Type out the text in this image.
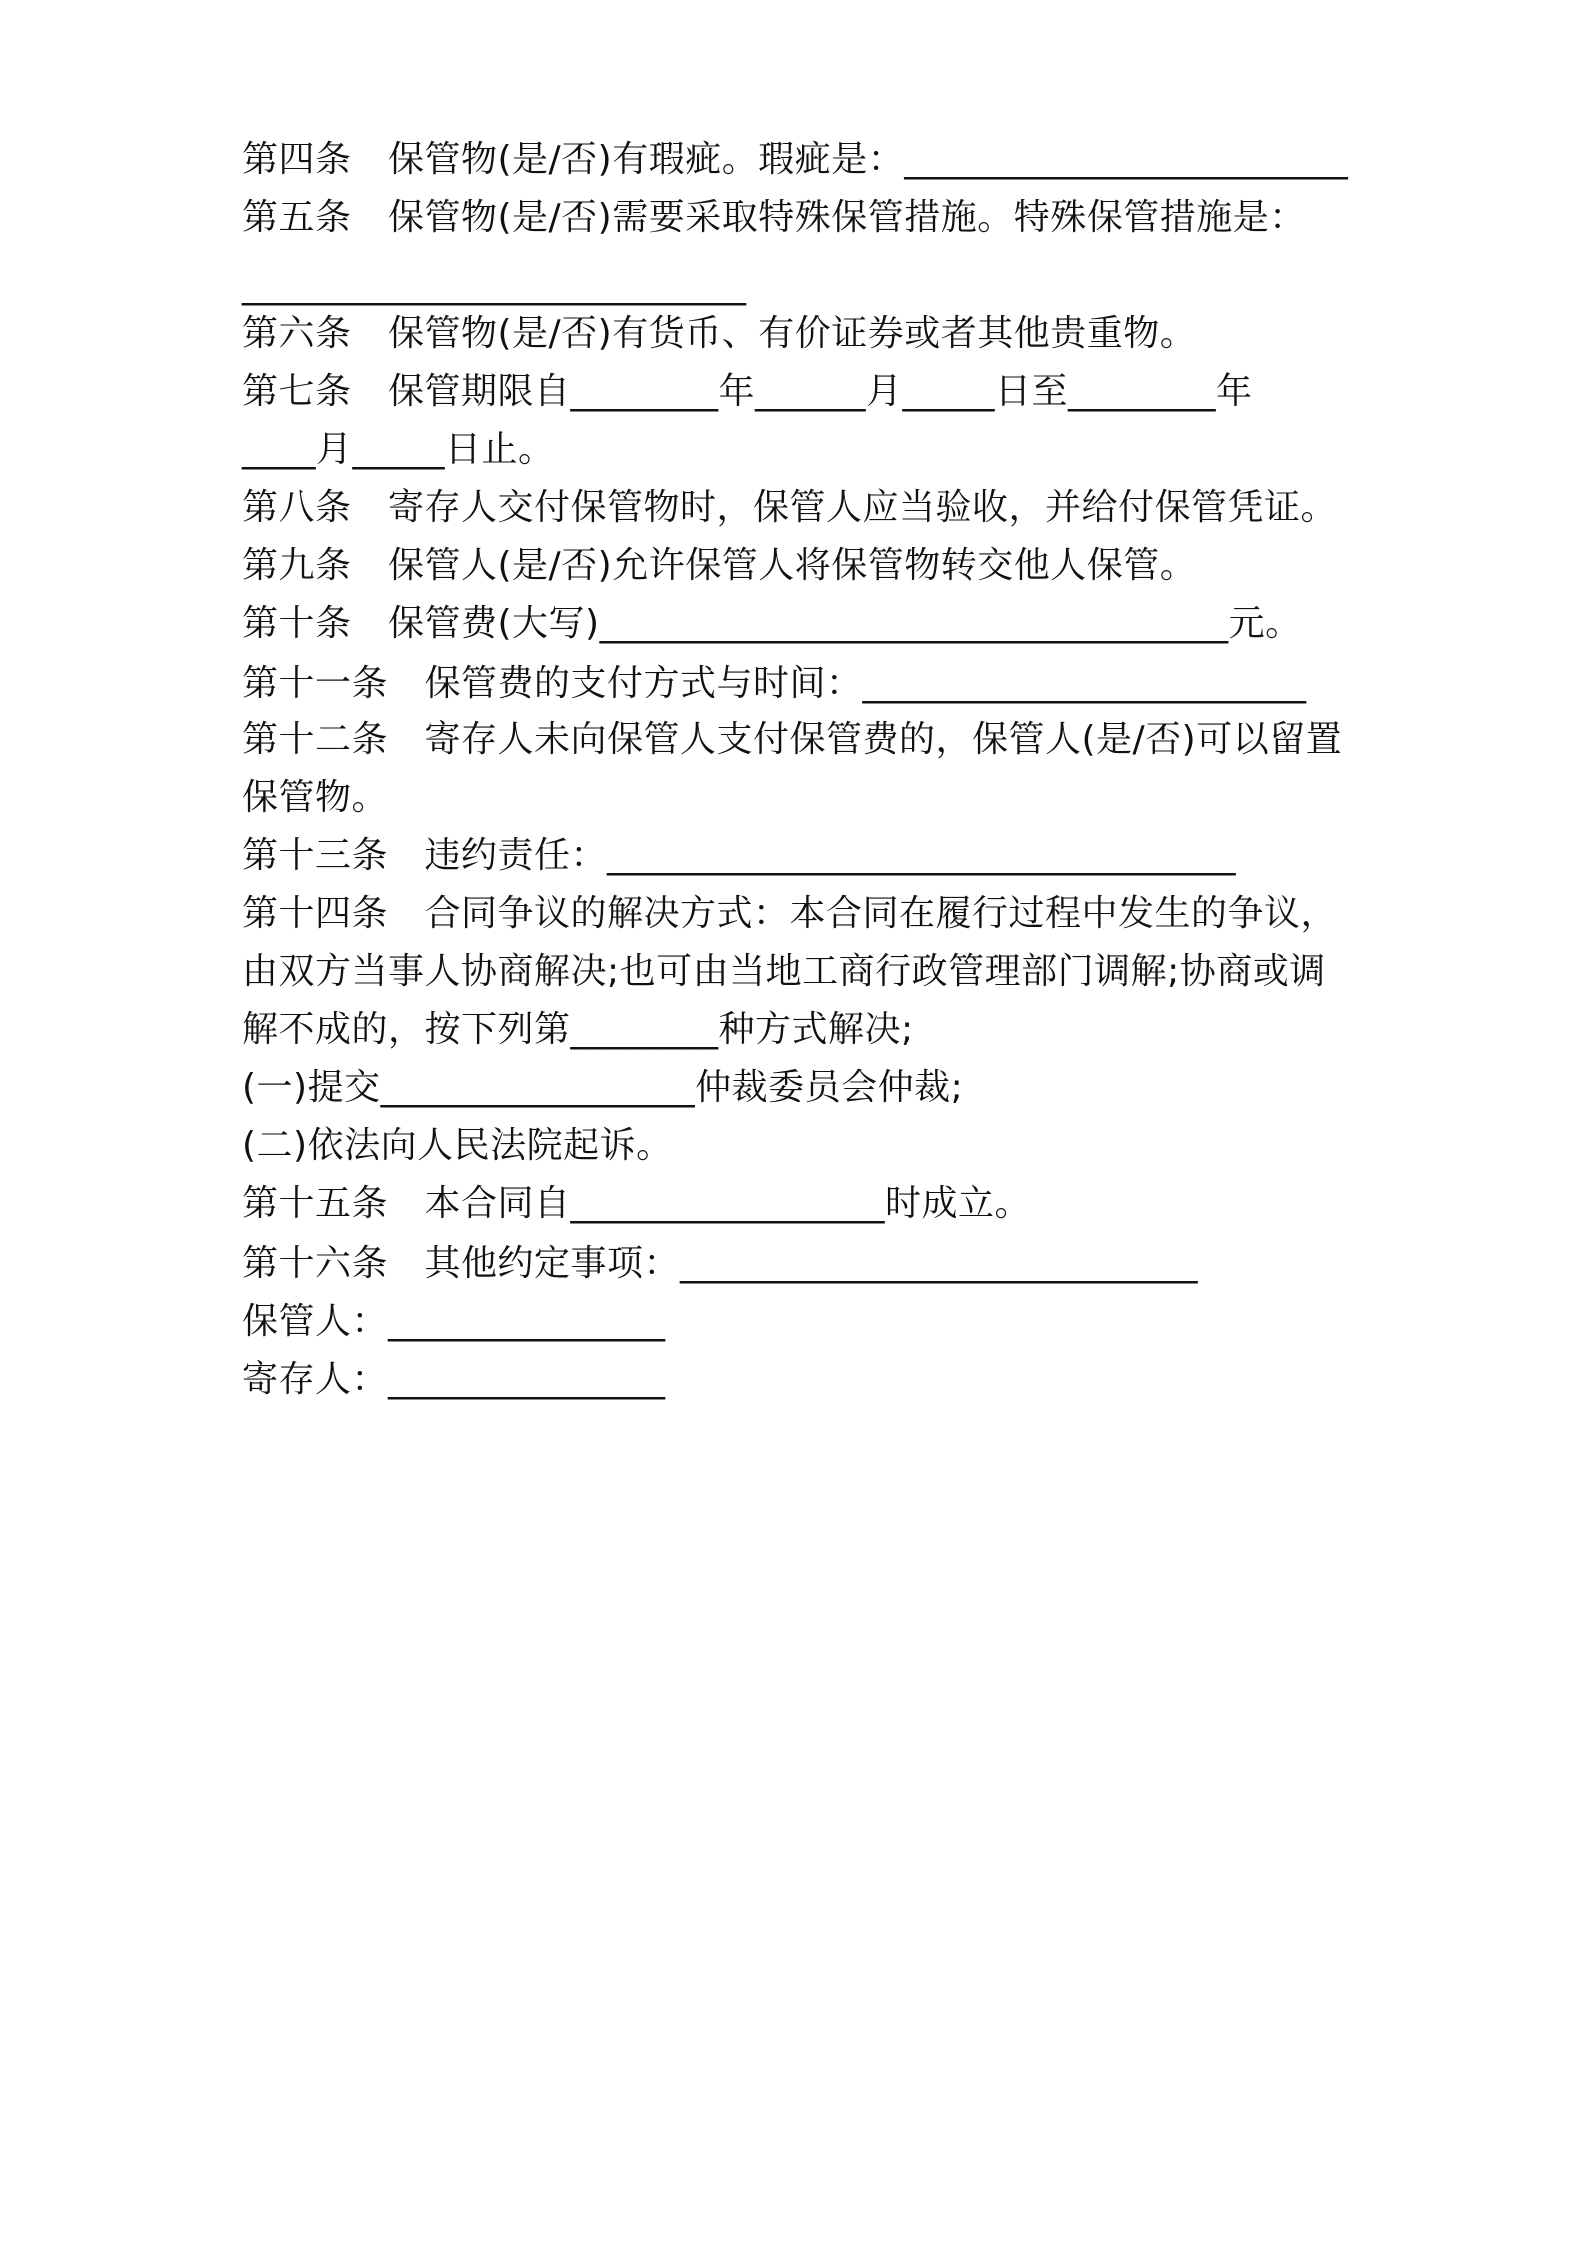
第四条　保管物(是/否)有瑕疵。瑕疵是：________________________
第五条　保管物(是/否)需要采取特殊保管措施。特殊保管措施是：
____________________________
第六条　保管物(是/否)有货币、有价证券或者其他贵重物。
第七条　保管期限自________年______月_____日至________年
____月_____日止。
第八条　寄存人交付保管物时，保管人应当验收，并给付保管凭证。
第九条　保管人(是/否)允许保管人将保管物转交他人保管。
第十条　保管费(大写)__________________________________元。
第十一条　保管费的支付方式与时间：________________________
第十二条　寄存人未向保管人支付保管费的，保管人(是/否)可以留置
保管物。
第十三条　违约责任：__________________________________
第十四条　合同争议的解决方式：本合同在履行过程中发生的争议，
由双方当事人协商解决;也可由当地工商行政管理部门调解;协商或调
解不成的，按下列第________种方式解决;
(一)提交_________________仲裁委员会仲裁;
(二)依法向人民法院起诉。
第十五条　本合同自_________________时成立。
第十六条　其他约定事项：____________________________
保管人：_______________
寄存人：_______________
